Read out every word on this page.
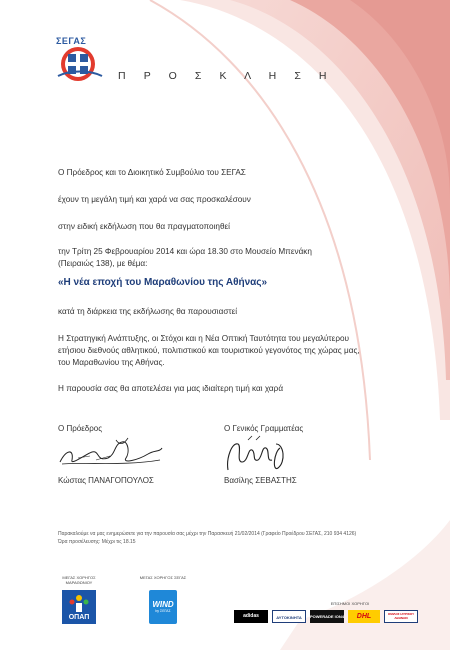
ΣΕΓΑΣ
Π Ρ Ο Σ Κ Λ Η Σ Η
Ο Πρόεδρος και το Διοικητικό Συμβούλιο του ΣΕΓΑΣ
έχουν τη μεγάλη τιμή και χαρά να σας προσκαλέσουν
στην ειδική εκδήλωση που θα πραγματοποιηθεί
την Τρίτη 25 Φεβρουαρίου 2014 και ώρα 18.30 στο Μουσείο Μπενάκη
(Πειραιώς 138), με θέμα:
«Η νέα εποχή του Μαραθωνίου της Αθήνας»
κατά τη διάρκεια της εκδήλωσης θα παρουσιαστεί
Η Στρατηγική Ανάπτυξης, οι Στόχοι και η Νέα Οπτική Ταυτότητα του μεγαλύτερου
ετήσιου διεθνούς αθλητικού, πολιτιστικού και τουριστικού γεγονότος της χώρας μας,
του Μαραθωνίου της Αθήνας.
Η παρουσία σας θα αποτελέσει για μας ιδιαίτερη τιμή και χαρά
Ο Πρόεδρος	Ο Γενικός Γραμματέας
Κώστας ΠΑΝΑΓΟΠΟΥΛΟΣ	Βασίλης ΣΕΒΑΣΤΗΣ
Παρακαλούμε να μας ενημερώσετε για την παρουσία σας μέχρι την Παρασκευή 21/02/2014 (Γραφείο Προέδρου ΣΕΓΑΣ, 210 934 4126)
Ώρα προσέλευσης: Μέχρι τις 18.15
ΜΕΓΑΣ ΧΟΡΗΓΟΣ ΜΑΡΑΘΩΝΙΟΥ
ΟΠΑΠ
ΜΕΓΑΣ ΧΟΡΗΓΟΣ ΣΕΓΑΣ
WIND
by ΣΕΓΑΣ
ΕΠΙΣΗΜΟΙ ΧΟΡΗΓΟΙ
adidas	ΑΥΤΟΚΙΝΗΤΑ	POWERADE ION4	DHL	ΟΜΙΛΟΣ ΙΑΤΡΙΚΟΥ ΑΘΗΝΩΝ
